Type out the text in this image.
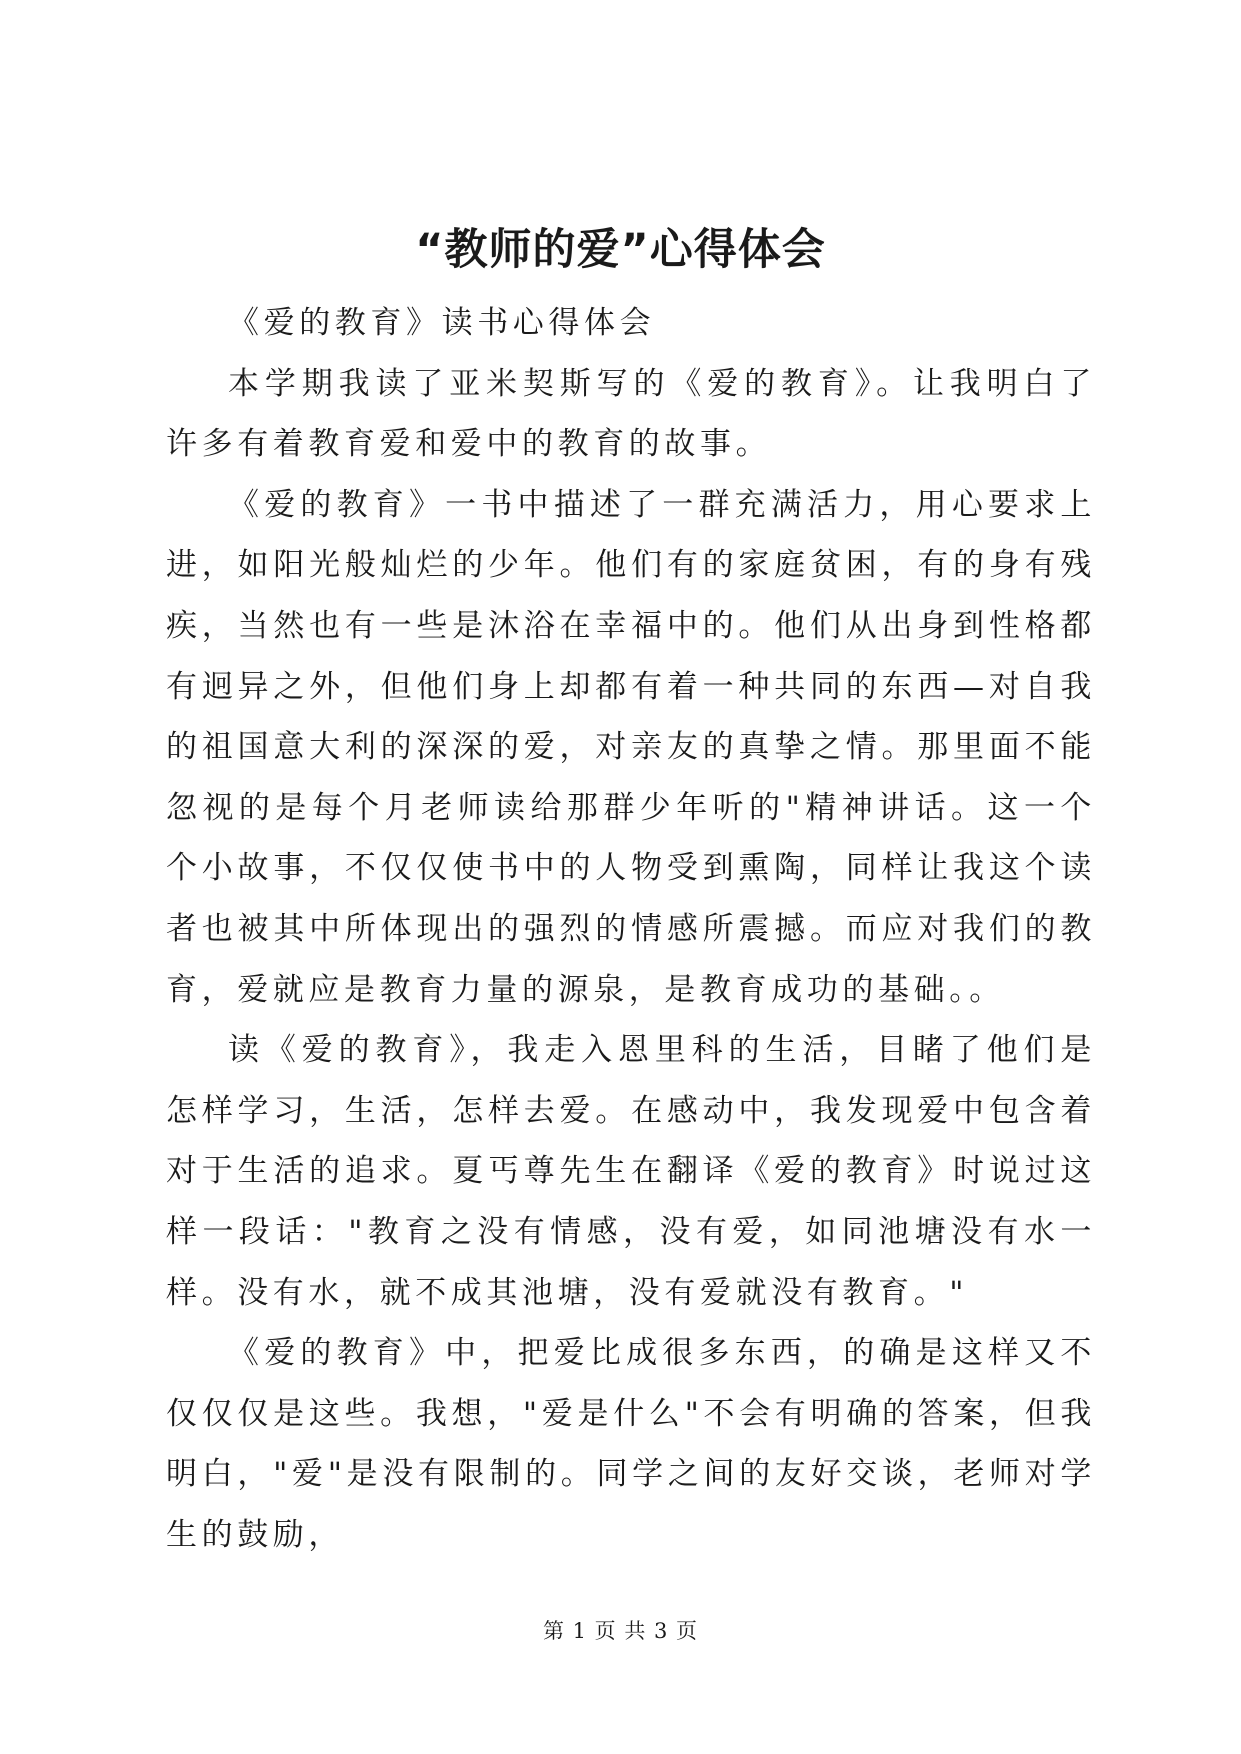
“教师的爱”心得体会

《爱的教育》读书心得体会

本学期我读了亚米契斯写的《爱的教育》。让我明白了许多有着教育爱和爱中的教育的故事。

《爱的教育》一书中描述了一群充满活力，用心要求上进，如阳光般灿烂的少年。他们有的家庭贫困，有的身有残疾，当然也有一些是沐浴在幸福中的。他们从出身到性格都有迥异之外，但他们身上却都有着一种共同的东西—对自我的祖国意大利的深深的爱，对亲友的真挚之情。那里面不能忽视的是每个月老师读给那群少年听的"精神讲话。这一个个小故事，不仅仅使书中的人物受到熏陶，同样让我这个读者也被其中所体现出的强烈的情感所震撼。而应对我们的教育，爱就应是教育力量的源泉，是教育成功的基础。。

读《爱的教育》，我走入恩里科的生活，目睹了他们是怎样学习，生活，怎样去爱。在感动中，我发现爱中包含着对于生活的追求。夏丐尊先生在翻译《爱的教育》时说过这样一段话："教育之没有情感，没有爱，如同池塘没有水一样。没有水，就不成其池塘，没有爱就没有教育。"

《爱的教育》中，把爱比成很多东西，的确是这样又不仅仅仅是这些。我想，"爱是什么"不会有明确的答案，但我明白，"爱"是没有限制的。同学之间的友好交谈，老师对学生的鼓励，

第 1 页 共 3 页
